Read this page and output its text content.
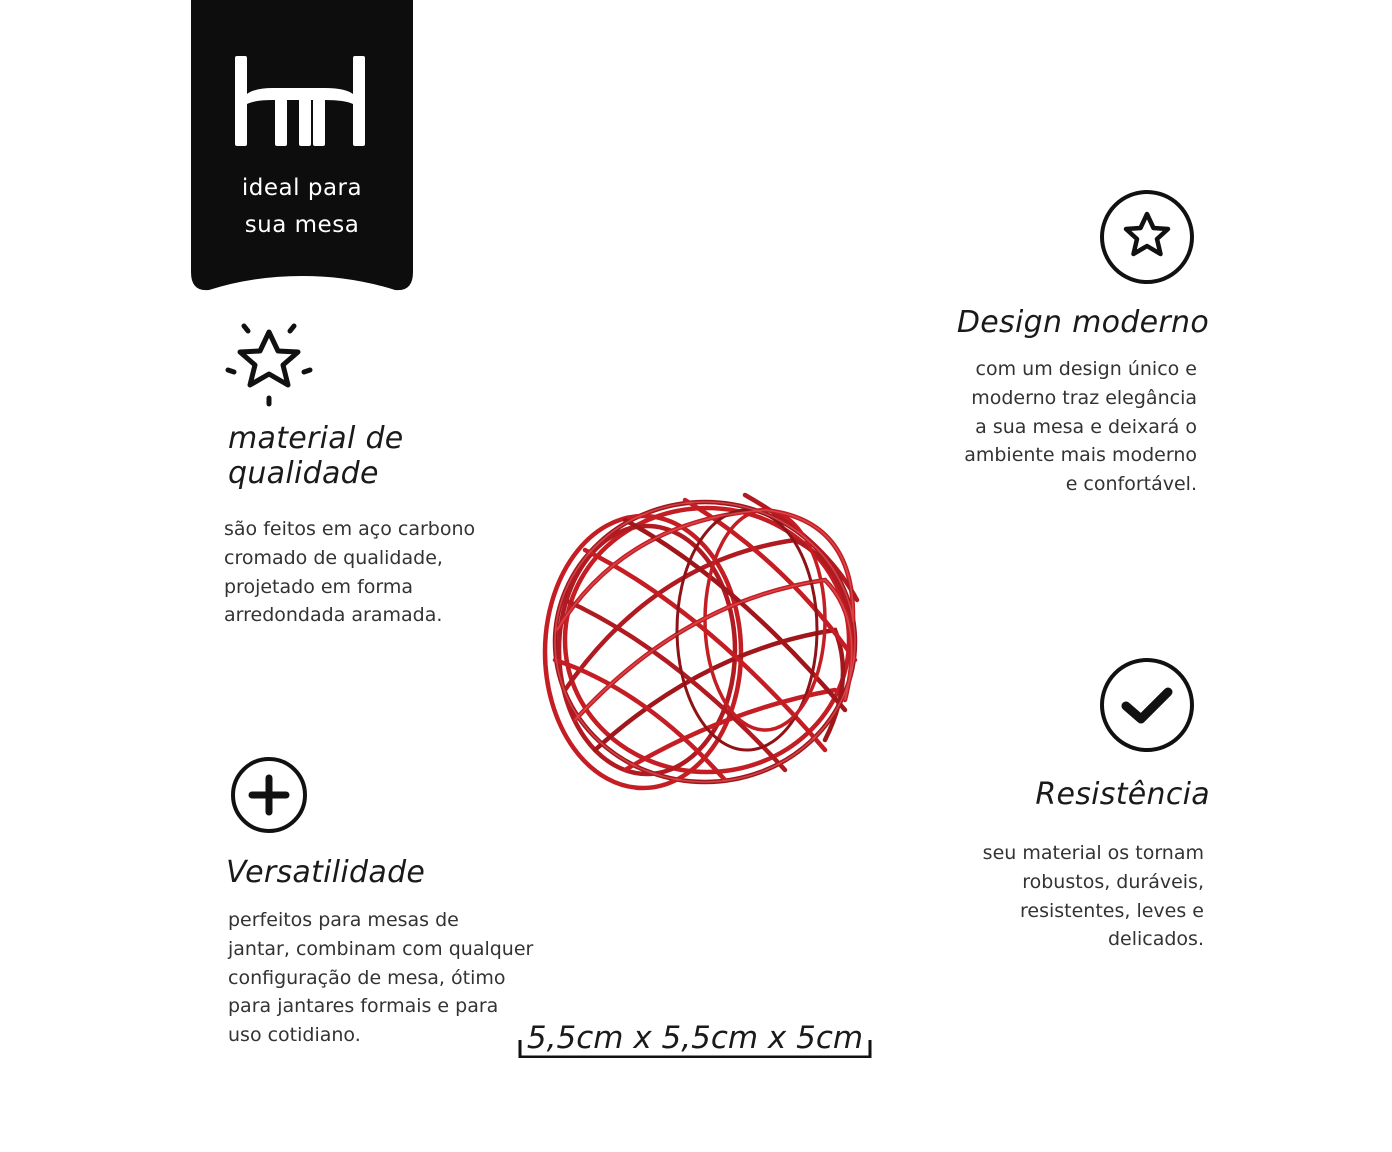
ideal para
sua mesa
material de
qualidade
são feitos em aço carbono
cromado de qualidade,
projetado em forma
arredondada aramada.
Versatilidade
perfeitos para mesas de
jantar, combinam com qualquer
configuração de mesa, ótimo
para jantares formais e para
uso cotidiano.
Design moderno
com um design único e
moderno traz elegância
a sua mesa e deixará o
ambiente mais moderno
e confortável.
Resistência
seu material os tornam
robustos, duráveis,
resistentes, leves e
delicados.
5,5cm x 5,5cm x 5cm
